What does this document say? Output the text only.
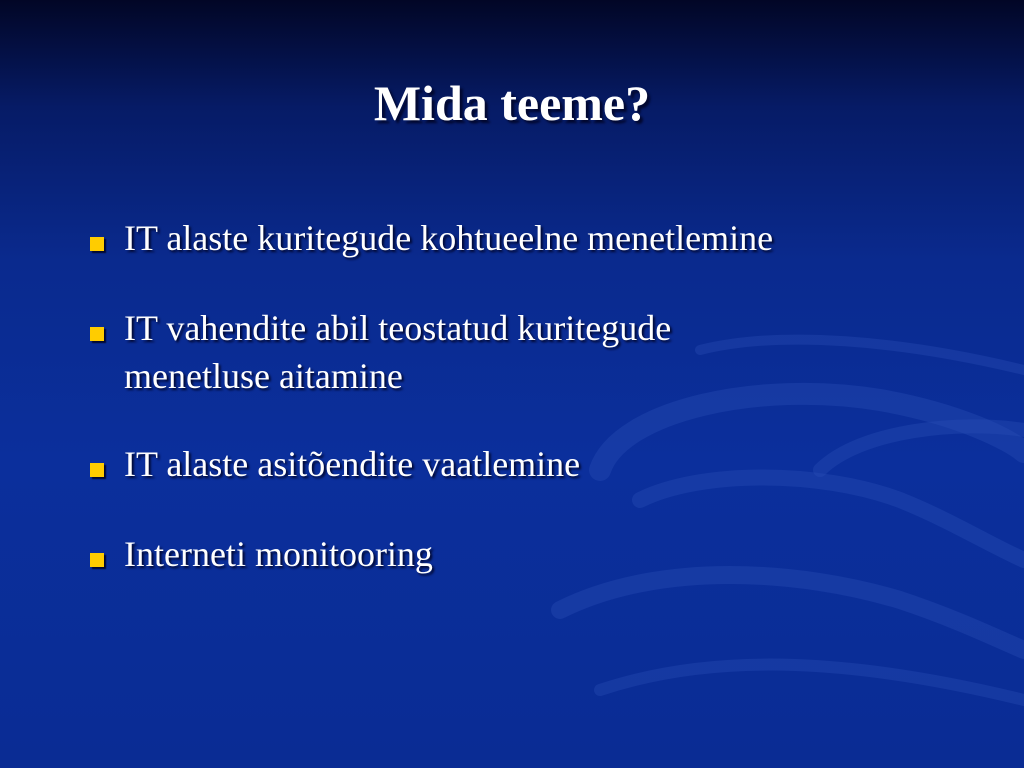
Mida teeme?
IT alaste kuritegude kohtueelne menetlemine
IT vahendite abil teostatud kuritegude menetluse aitamine
IT alaste asitõendite vaatlemine
Interneti monitooring
